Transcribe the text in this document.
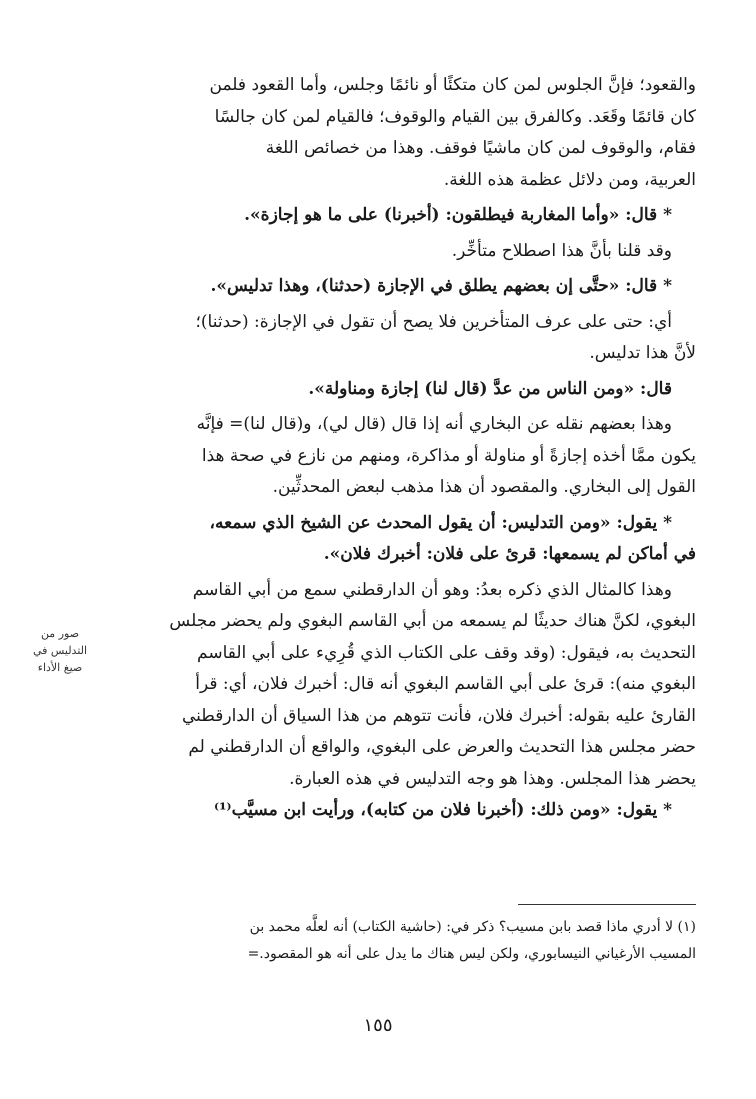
والقعود؛ فإنَّ الجلوس لمن كان متكئًا أو نائمًا وجلس، وأما القعود فلمن
كان قائمًا وقَعَد. وكالفرق بين القيام والوقوف؛ فالقيام لمن كان جالسًا
فقام، والوقوف لمن كان ماشيًا فوقف. وهذا من خصائص اللغة
العربية، ومن دلائل عظمة هذه اللغة.
* قال: «وأما المغاربة فيطلقون: (أخبرنا) على ما هو إجازة».
وقد قلنا بأنَّ هذا اصطلاح متأخِّر.
* قال: «حتَّى إن بعضهم يطلق في الإجازة (حدثنا)، وهذا تدليس».
أي: حتى على عرف المتأخرين فلا يصح أن تقول في الإجازة: (حدثنا)؛
لأنَّ هذا تدليس.
قال: «ومن الناس من عدَّ (قال لنا) إجازة ومناولة».
وهذا بعضهم نقله عن البخاري أنه إذا قال (قال لي)، و(قال لنا)= فإنَّه
يكون ممَّا أخذه إجازةً أو مناولة أو مذاكرة، ومنهم من نازع في صحة هذا
القول إلى البخاري. والمقصود أن هذا مذهب لبعض المحدثِّين.
* يقول: «ومن التدليس: أن يقول المحدث عن الشيخ الذي سمعه،
في أماكن لم يسمعها: قرئ على فلان: أخبرك فلان».
وهذا كالمثال الذي ذكره بعدُ: وهو أن الدارقطني سمع من أبي القاسم
البغوي، لكنَّ هناك حديثًا لم يسمعه من أبي القاسم البغوي ولم يحضر مجلس
التحديث به، فيقول: (وقد وقف على الكتاب الذي قُرِيء على أبي القاسم
البغوي منه): قرئ على أبي القاسم البغوي أنه قال: أخبرك فلان، أي: قرأ
القارئ عليه بقوله: أخبرك فلان، فأنت تتوهم من هذا السياق أن الدارقطني
حضر مجلس هذا التحديث والعرض على البغوي، والواقع أن الدارقطني لم
يحضر هذا المجلس. وهذا هو وجه التدليس في هذه العبارة.
* يقول: «ومن ذلك: (أخبرنا فلان من كتابه)، ورأيت ابن مسيَّب⁽¹⁾
صور من
التدليس في
صيغ الأداء
(١) لا أدري ماذا قصد بابن مسيب؟ ذكر في: (حاشية الكتاب) أنه لعلَّه محمد بن
المسيب الأرغياني النيسابوري، ولكن ليس هناك ما يدل على أنه هو المقصود.=
١٥٥
